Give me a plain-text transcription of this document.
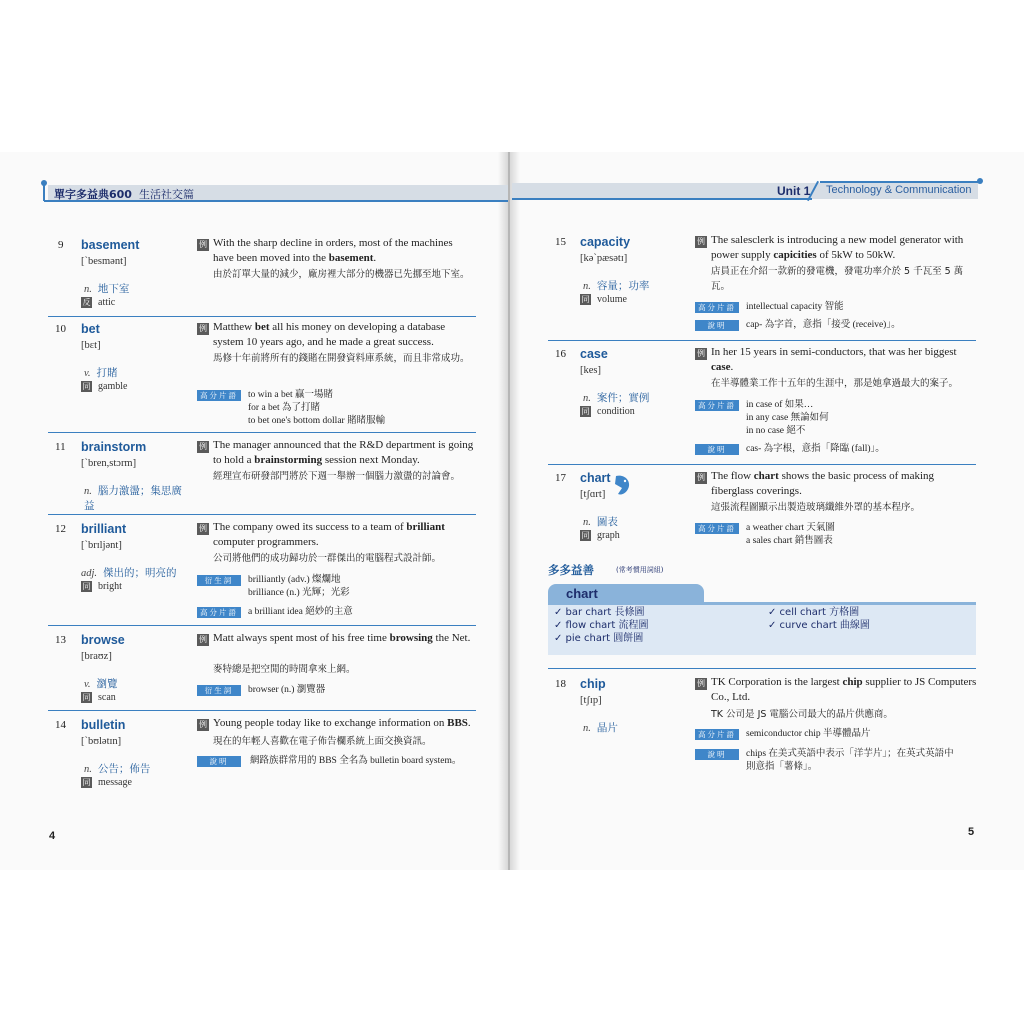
單字多益典600 生活社交篇	Unit 1 Technology & Communication
9 basement
[ˋbesmənt]
n. 地下室
反 attic
例 With the sharp decline in orders, most of the machines have been moved into the basement.
由於訂單大量的減少，廠房裡大部分的機器已先挪至地下室。
10 bet
[bɛt]
v. 打賭
同 gamble
例 Matthew bet all his money on developing a database system 10 years ago, and he made a great success.
馬修十年前將所有的錢賭在開發資料庫系統，而且非常成功。
高分片語	to win a bet 贏一場賭
for a bet 為了打賭
to bet one's bottom dollar 賭睹服輸
11 brainstorm
[ˋbren,stɔrm]
n. 腦力激盪；集思廣益
例 The manager announced that the R&D department is going to hold a brainstorming session next Monday.
經理宣布研發部門將於下週一舉辦一個腦力激盪的討論會。
12 brilliant
[ˋbrɪljənt]
adj. 傑出的；明亮的
同 bright
例 The company owed its success to a team of brilliant computer programmers.
公司將他們的成功歸功於一群傑出的電腦程式設計師。
衍生詞	brilliantly (adv.) 燦爛地
brilliance (n.) 光輝；光彩
高分片語	a brilliant idea 絕妙的主意
13 browse
[braʊz]
v. 瀏覽
同 scan
例 Matt always spent most of his free time browsing the Net.
麥特總是把空閒的時間拿來上網。
衍生詞	browser (n.) 瀏覽器
14 bulletin
[ˋbʊlətɪn]
n. 公告；佈告
同 message
例 Young people today like to exchange information on BBS.
現在的年輕人喜歡在電子佈告欄系統上面交換資訊。
說明	網路族群常用的 BBS 全名為 bulletin board system。
4
15 capacity
[kəˋpæsətɪ]
n. 容量；功率
同 volume
例 The salesclerk is introducing a new model generator with power supply capicities of 5kW to 50kW.
店員正在介紹一款新的發電機，發電功率介於 5 千瓦至 5 萬瓦。
高分片語	intellectual capacity 智能
說明	cap- 為字首，意指「接受 (receive)」。
16 case
[kes]
n. 案件；實例
同 condition
例 In her 15 years in semi-conductors, that was her biggest case.
在半導體業工作十五年的生涯中，那是她拿過最大的案子。
高分片語	in case of 如果…
in any case 無論如何
in no case 絕不
說明	cas- 為字根，意指「降臨 (fall)」。
17 chart
[tʃɑrt]
n. 圖表
同 graph
例 The flow chart shows the basic process of making fiberglass coverings.
這張流程圖顯示出製造玻璃纖維外罩的基本程序。
高分片語	a weather chart 天氣圖
a sales chart 銷售圖表
多多益善	(常考慣用詞組)
chart
✓ bar chart 長條圖
✓ flow chart 流程圖
✓ pie chart 圓餅圖
✓ cell chart 方格圖
✓ curve chart 曲線圖
18 chip
[tʃɪp]
n. 晶片
例 TK Corporation is the largest chip supplier to JS Computers Co., Ltd.
TK 公司是 JS 電腦公司最大的晶片供應商。
高分片語	semiconductor chip 半導體晶片
說明	chips 在美式英語中表示「洋芋片」；在英式英語中
則意指「薯條」。
5
